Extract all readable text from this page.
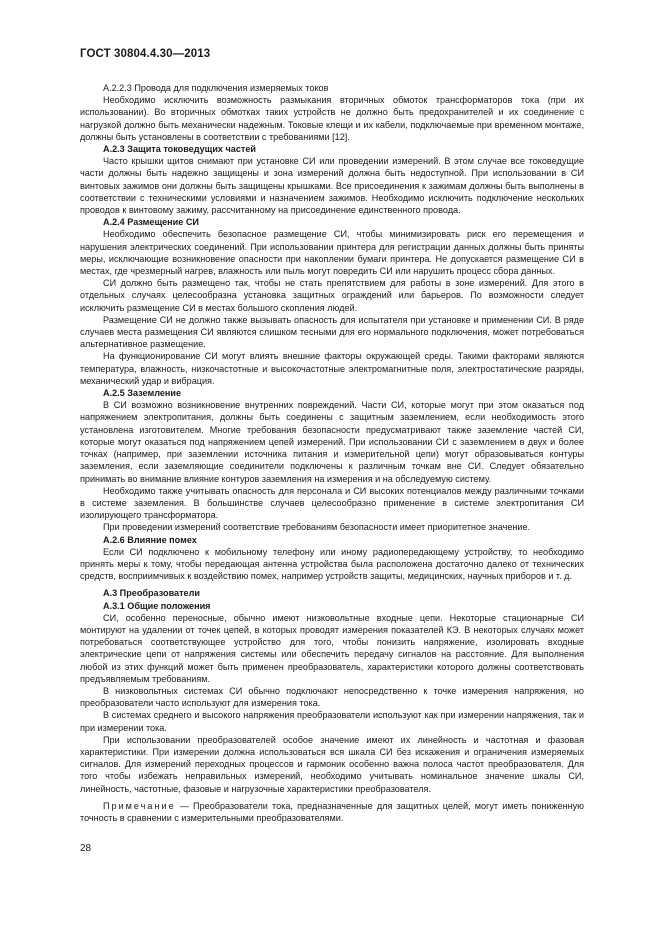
ГОСТ 30804.4.30—2013

А.2.2.3 Провода для подключения измеряемых токов

Необходимо исключить возможность размыкания вторичных обмоток трансформаторов тока (при их использовании). Во вторичных обмотках таких устройств не должно быть предохранителей и их соединение с нагрузкой должно быть механически надежным. Токовые клещи и их кабели, подключаемые при временном монтаже, должны быть установлены в соответствии с требованиями [12].

А.2.3 Защита токоведущих частей

Часто крышки щитов снимают при установке СИ или проведении измерений. В этом случае все токоведущие части должны быть надежно защищены и зона измерений должна быть недоступной. При использовании в СИ винтовых зажимов они должны быть защищены крышками. Все присоединения к зажимам должны быть выполнены в соответствии с техническими условиями и назначением зажимов. Необходимо исключить подключение нескольких проводов к винтовому зажиму, рассчитанному на присоединение единственного провода.

А.2.4 Размещение СИ

Необходимо обеспечить безопасное размещение СИ, чтобы минимизировать риск его перемещения и нарушения электрических соединений. При использовании принтера для регистрации данных должны быть приняты меры, исключающие возникновение опасности при накоплении бумаги принтера. Не допускается размещение СИ в местах, где чрезмерный нагрев, влажность или пыль могут повредить СИ или нарушить процесс сбора данных.

СИ должно быть размещено так, чтобы не стать препятствием для работы в зоне измерений. Для этого в отдельных случаях целесообразна установка защитных ограждений или барьеров. По возможности следует исключить размещение СИ в местах большого скопления людей.

Размещение СИ не должно также вызывать опасность для испытателя при установке и применении СИ. В ряде случаев места размещения СИ являются слишком тесными для его нормального подключения, может потребоваться альтернативное размещение.

На функционирование СИ могут влиять внешние факторы окружающей среды. Такими факторами являются температура, влажность, низкочастотные и высокочастотные электромагнитные поля, электростатические разряды, механический удар и вибрация.

А.2.5 Заземление

В СИ возможно возникновение внутренних повреждений. Части СИ, которые могут при этом оказаться под напряжением электропитания, должны быть соединены с защитным заземлением, если необходимость этого установлена изготовителем. Многие требования безопасности предусматривают также заземление частей СИ, которые могут оказаться под напряжением цепей измерений. При использовании СИ с заземлением в двух и более точках (например, при заземлении источника питания и измерительной цепи) могут образовываться контуры заземления, если заземляющие соединители подключены к различным точкам вне СИ. Следует обязательно принимать во внимание влияние контуров заземления на измерения и на обследуемую систему.

Необходимо также учитывать опасность для персонала и СИ высоких потенциалов между различными точками в системе заземления. В большинстве случаев целесообразно применение в системе электропитания СИ изолирующего трансформатора.

При проведении измерений соответствие требованиям безопасности имеет приоритетное значение.

А.2.6 Влияние помех

Если СИ подключено к мобильному телефону или иному радиопередающему устройству, то необходимо принять меры к тому, чтобы передающая антенна устройства была расположена достаточно далеко от технических средств, восприимчивых к воздействию помех, например устройств защиты, медицинских, научных приборов и т. д.

А.3 Преобразователи

А.3.1 Общие положения

СИ, особенно переносные, обычно имеют низковольтные входные цепи. Некоторые стационарные СИ монтируют на удалении от точек цепей, в которых проводят измерения показателей КЭ. В некоторых случаях может потребоваться соответствующее устройство для того, чтобы понизить напряжение, изолировать входные электрические цепи от напряжения системы или обеспечить передачу сигналов на расстояние. Для выполнения любой из этих функций может быть применен преобразователь, характеристики которого должны соответствовать предъявляемым требованиям.

В низковольтных системах СИ обычно подключают непосредственно к точке измерения напряжения, но преобразователи часто используют для измерения тока.

В системах среднего и высокого напряжения преобразователи используют как при измерении напряжения, так и при измерении тока.

При использовании преобразователей особое значение имеют их линейность и частотная и фазовая характеристики. При измерении должна использоваться вся шкала СИ без искажения и ограничения измеряемых сигналов. Для измерений переходных процессов и гармоник особенно важна полоса частот преобразователя. Для того чтобы избежать неправильных измерений, необходимо учитывать номинальное значение шкалы СИ, линейность, частотные, фазовые и нагрузочные характеристики преобразователя.

Примечание — Преобразователи тока, предназначенные для защитных целей, могут иметь пониженную точность в сравнении с измерительными преобразователями.

28
